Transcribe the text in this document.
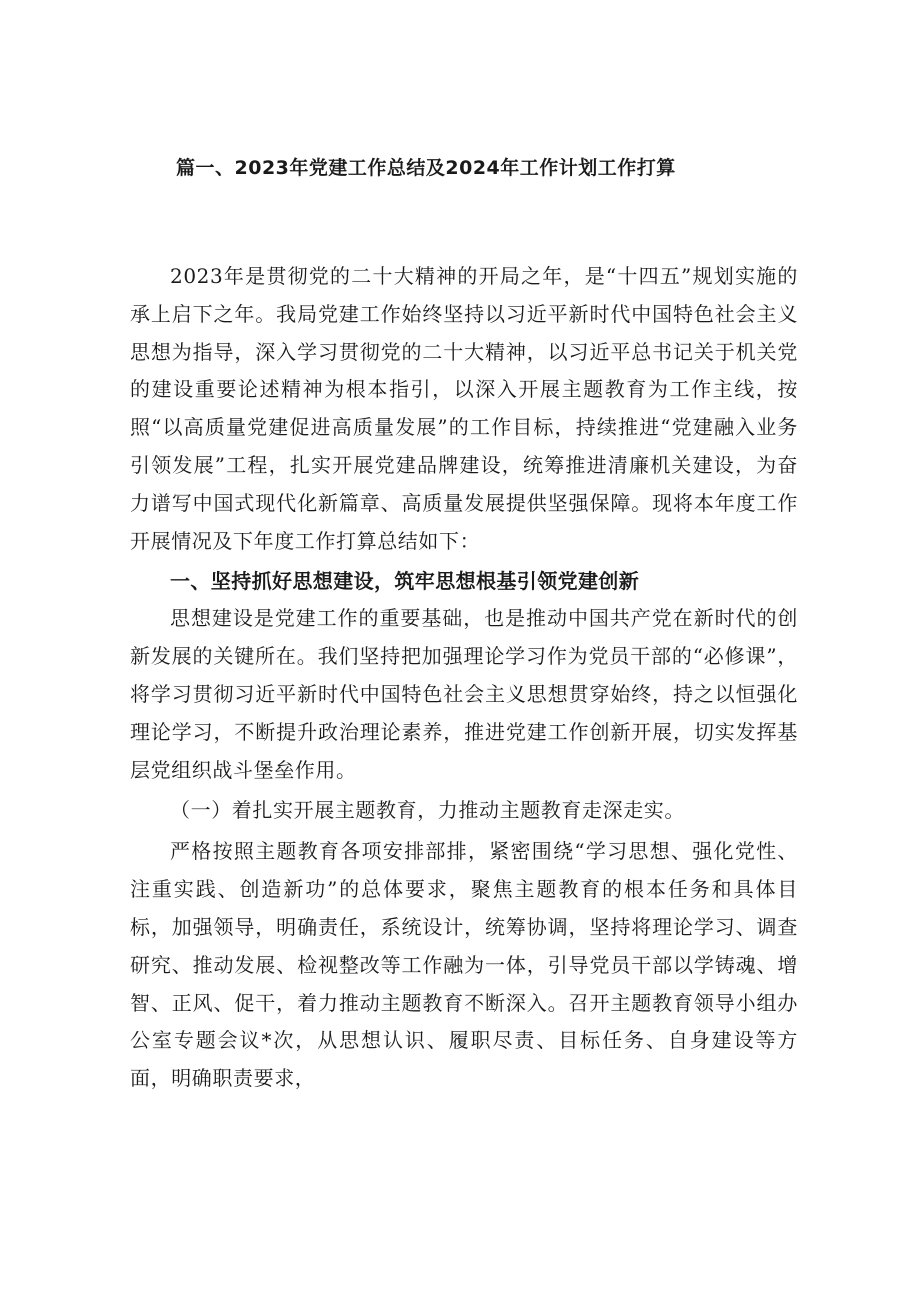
篇一、2023年党建工作总结及2024年工作计划工作打算

2023年是贯彻党的二十大精神的开局之年，是“十四五”规划实施的承上启下之年。我局党建工作始终坚持以习近平新时代中国特色社会主义思想为指导，深入学习贯彻党的二十大精神，以习近平总书记关于机关党的建设重要论述精神为根本指引，以深入开展主题教育为工作主线，按照“以高质量党建促进高质量发展”的工作目标，持续推进“党建融入业务引领发展”工程，扎实开展党建品牌建设，统筹推进清廉机关建设，为奋力谱写中国式现代化新篇章、高质量发展提供坚强保障。现将本年度工作开展情况及下年度工作打算总结如下：

一、坚持抓好思想建设，筑牢思想根基引领党建创新

思想建设是党建工作的重要基础，也是推动中国共产党在新时代的创新发展的关键所在。我们坚持把加强理论学习作为党员干部的“必修课”，将学习贯彻习近平新时代中国特色社会主义思想贯穿始终，持之以恒强化理论学习，不断提升政治理论素养，推进党建工作创新开展，切实发挥基层党组织战斗堡垒作用。

（一）着扎实开展主题教育，力推动主题教育走深走实。

严格按照主题教育各项安排部排，紧密围绕“学习思想、强化党性、注重实践、创造新功”的总体要求，聚焦主题教育的根本任务和具体目标，加强领导，明确责任，系统设计，统筹协调，坚持将理论学习、调查研究、推动发展、检视整改等工作融为一体，引导党员干部以学铸魂、增智、正风、促干，着力推动主题教育不断深入。召开主题教育领导小组办公室专题会议*次，从思想认识、履职尽责、目标任务、自身建设等方面，明确职责要求，
